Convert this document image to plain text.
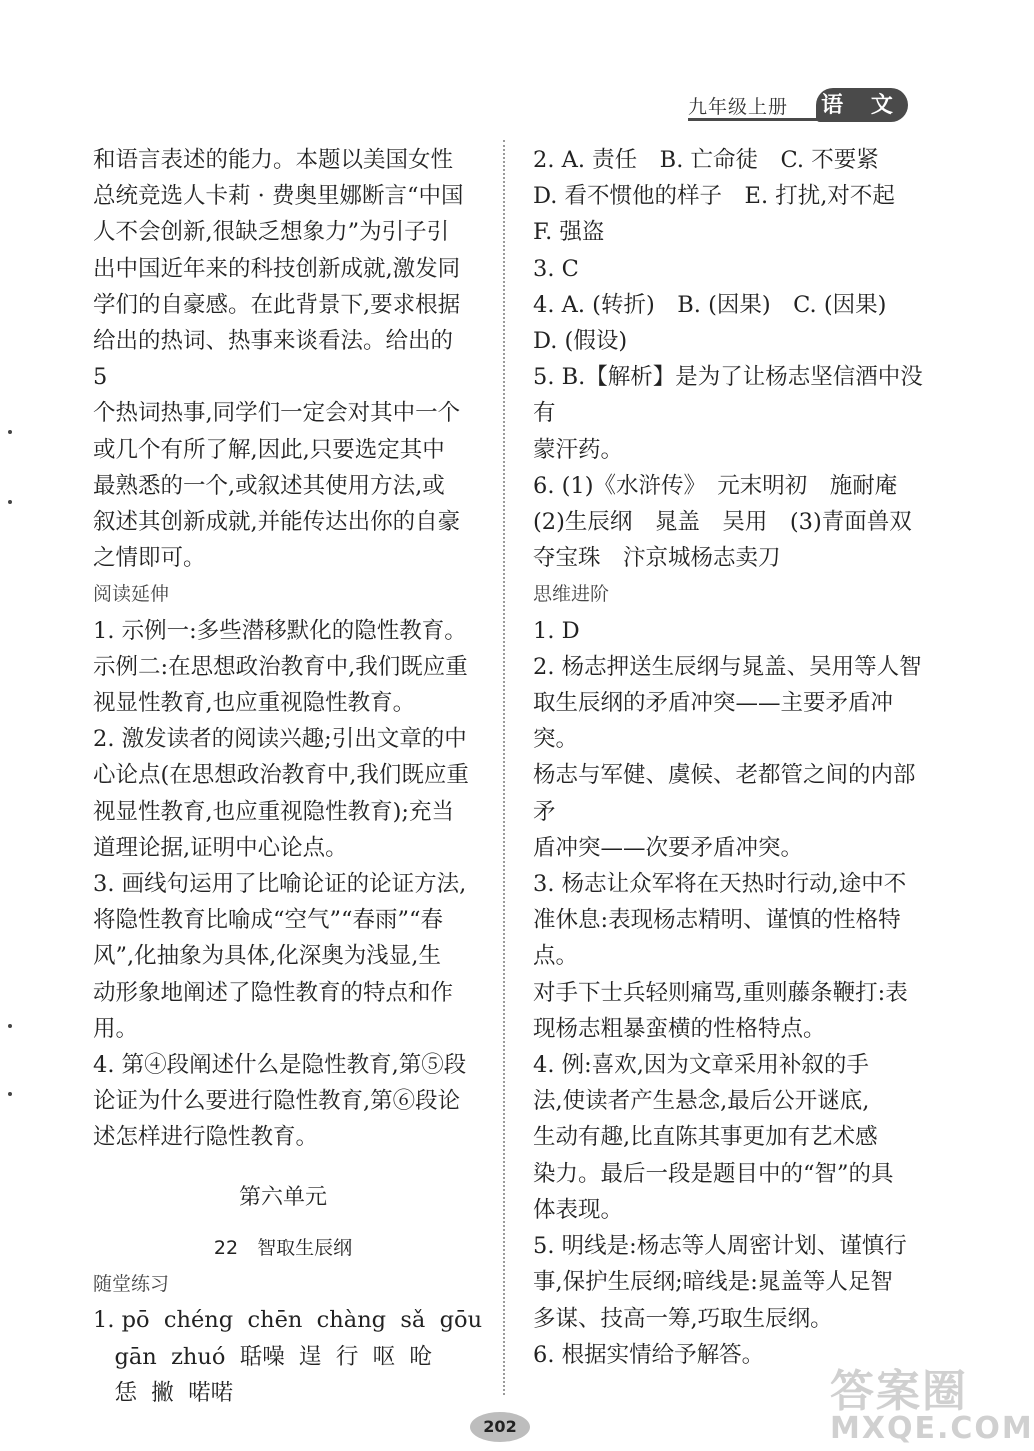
九年级上册 语 文

和语言表述的能力。本题以美国女性

总统竞选人卡莉 · 费奥里娜断言“中国

人不会创新,很缺乏想象力”为引子引

出中国近年来的科技创新成就,激发同

学们的自豪感。在此背景下,要求根据

给出的热词、热事来谈看法。给出的 5

个热词热事,同学们一定会对其中一个

或几个有所了解,因此,只要选定其中

最熟悉的一个,或叙述其使用方法,或

叙述其创新成就,并能传达出你的自豪

之情即可。

阅读延伸

1. 示例一:多些潜移默化的隐性教育。

示例二:在思想政治教育中,我们既应重

视显性教育,也应重视隐性教育。

2. 激发读者的阅读兴趣;引出文章的中

心论点(在思想政治教育中,我们既应重

视显性教育,也应重视隐性教育);充当

道理论据,证明中心论点。

3. 画线句运用了比喻论证的论证方法,

将隐性教育比喻成“空气”“春雨”“春

风”,化抽象为具体,化深奥为浅显,生

动形象地阐述了隐性教育的特点和作

用。

4. 第④段阐述什么是隐性教育,第⑤段

论证为什么要进行隐性教育,第⑥段论

述怎样进行隐性教育。

第六单元

22　智取生辰纲

随堂练习

1. pō  chéng  chēn  chàng  sǎ  gōu

gān  zhuó  聒噪  逞  行  呕  呛

恁  撇  喏喏

2. A. 责任　B. 亡命徒　C. 不要紧

D. 看不惯他的样子　E. 打扰,对不起

F. 强盗

3. C

4. A. (转折)　B. (因果)　C. (因果)

D. (假设)

5. B.【解析】是为了让杨志坚信酒中没有

蒙汗药。

6. (1)《水浒传》　元末明初　施耐庵

(2)生辰纲　晁盖　吴用　(3)青面兽双

夺宝珠　汴京城杨志卖刀

思维进阶

1. D

2. 杨志押送生辰纲与晁盖、吴用等人智

取生辰纲的矛盾冲突——主要矛盾冲

突。

杨志与军健、虞候、老都管之间的内部矛

盾冲突——次要矛盾冲突。

3. 杨志让众军将在天热时行动,途中不

准休息:表现杨志精明、谨慎的性格特

点。

对手下士兵轻则痛骂,重则藤条鞭打:表

现杨志粗暴蛮横的性格特点。

4. 例:喜欢,因为文章采用补叙的手

法,使读者产生悬念,最后公开谜底,

生动有趣,比直陈其事更加有艺术感

染力。最后一段是题目中的“智”的具

体表现。

5. 明线是:杨志等人周密计划、谨慎行

事,保护生辰纲;暗线是:晁盖等人足智

多谋、技高一筹,巧取生辰纲。

6. 根据实情给予解答。

202
答案圈
MXQE.COM
